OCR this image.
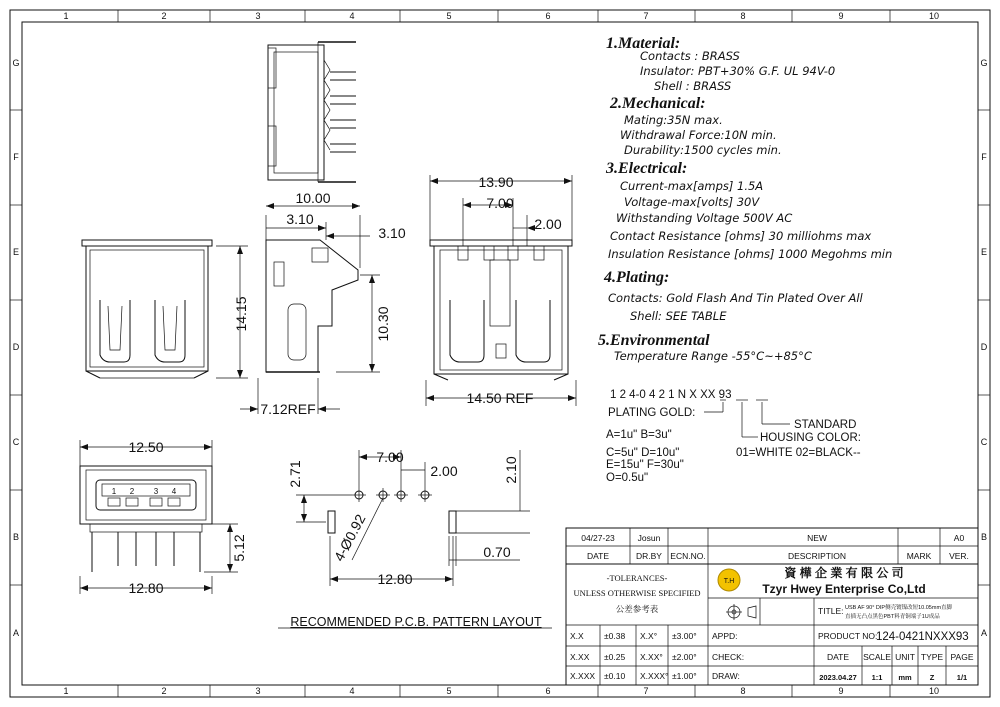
1	2	3	4	5	6	7	8	9	10
1	2	3	4	5	6	7	8	9	10
G
F
E
D
C
B
A
G
F
E
D
C
B
A
14.15
10.00
3.10
3.10
10.30
7.12REF
13.90
7.00
2.00
14.50 REF
1 2 3 4
12.50
12.80
5.12
7.00
2.00
2.71
4-Ø0.92
12.80
2.10
0.70
RECOMMENDED P.C.B. PATTERN LAYOUT
1.Material:
Contacts : BRASS
Insulator: PBT+30% G.F. UL 94V-0
Shell : BRASS
2.Mechanical:
Mating:35N max.
Withdrawal Force:10N min.
Durability:1500 cycles min.
3.Electrical:
Current-max[amps] 1.5A
Voltage-max[volts] 30V
Withstanding Voltage 500V AC
Contact Resistance [ohms] 30 milliohms max
Insulation Resistance [ohms] 1000 Megohms min
4.Plating:
Contacts: Gold Flash And Tin Plated Over All
Shell: SEE TABLE
5.Environmental
Temperature Range -55°C~+85°C
1 2 4-0 4 2 1 N X XX 93
PLATING GOLD:
STANDARD
HOUSING COLOR:
A=1u" B=3u"
C=5u" D=10u"
E=15u" F=30u"
O=0.5u"
01=WHITE 02=BLACK--
04/27-23	Josun	NEW	A0
DATE	DR.BY ECN.NO.	DESCRIPTION	MARK VER.
-TOLERANCES-
UNLESS OTHERWISE SPECIFIED
公差参考表
T.H
資 樺 企 業 有 限 公 司
Tzyr Hwey Enterprise Co,Ltd
TITLE: USB AF 90° DIP侧壳镀镍改短10.05mm直脚
直插无凸点黑色PBT料青铜端子1U成品
X.X ±0.38 X.X° ±3.00°
X.XX ±0.25 X.XX° ±2.00°
X.XXX ±0.10 X.XXX° ±1.00°
APPD:
CHECK:
DRAW:
PRODUCT NO:
124-0421NXXX93
DATE SCALE UNIT TYPE PAGE
2023.04.27 1:1 mm Z	1/1
